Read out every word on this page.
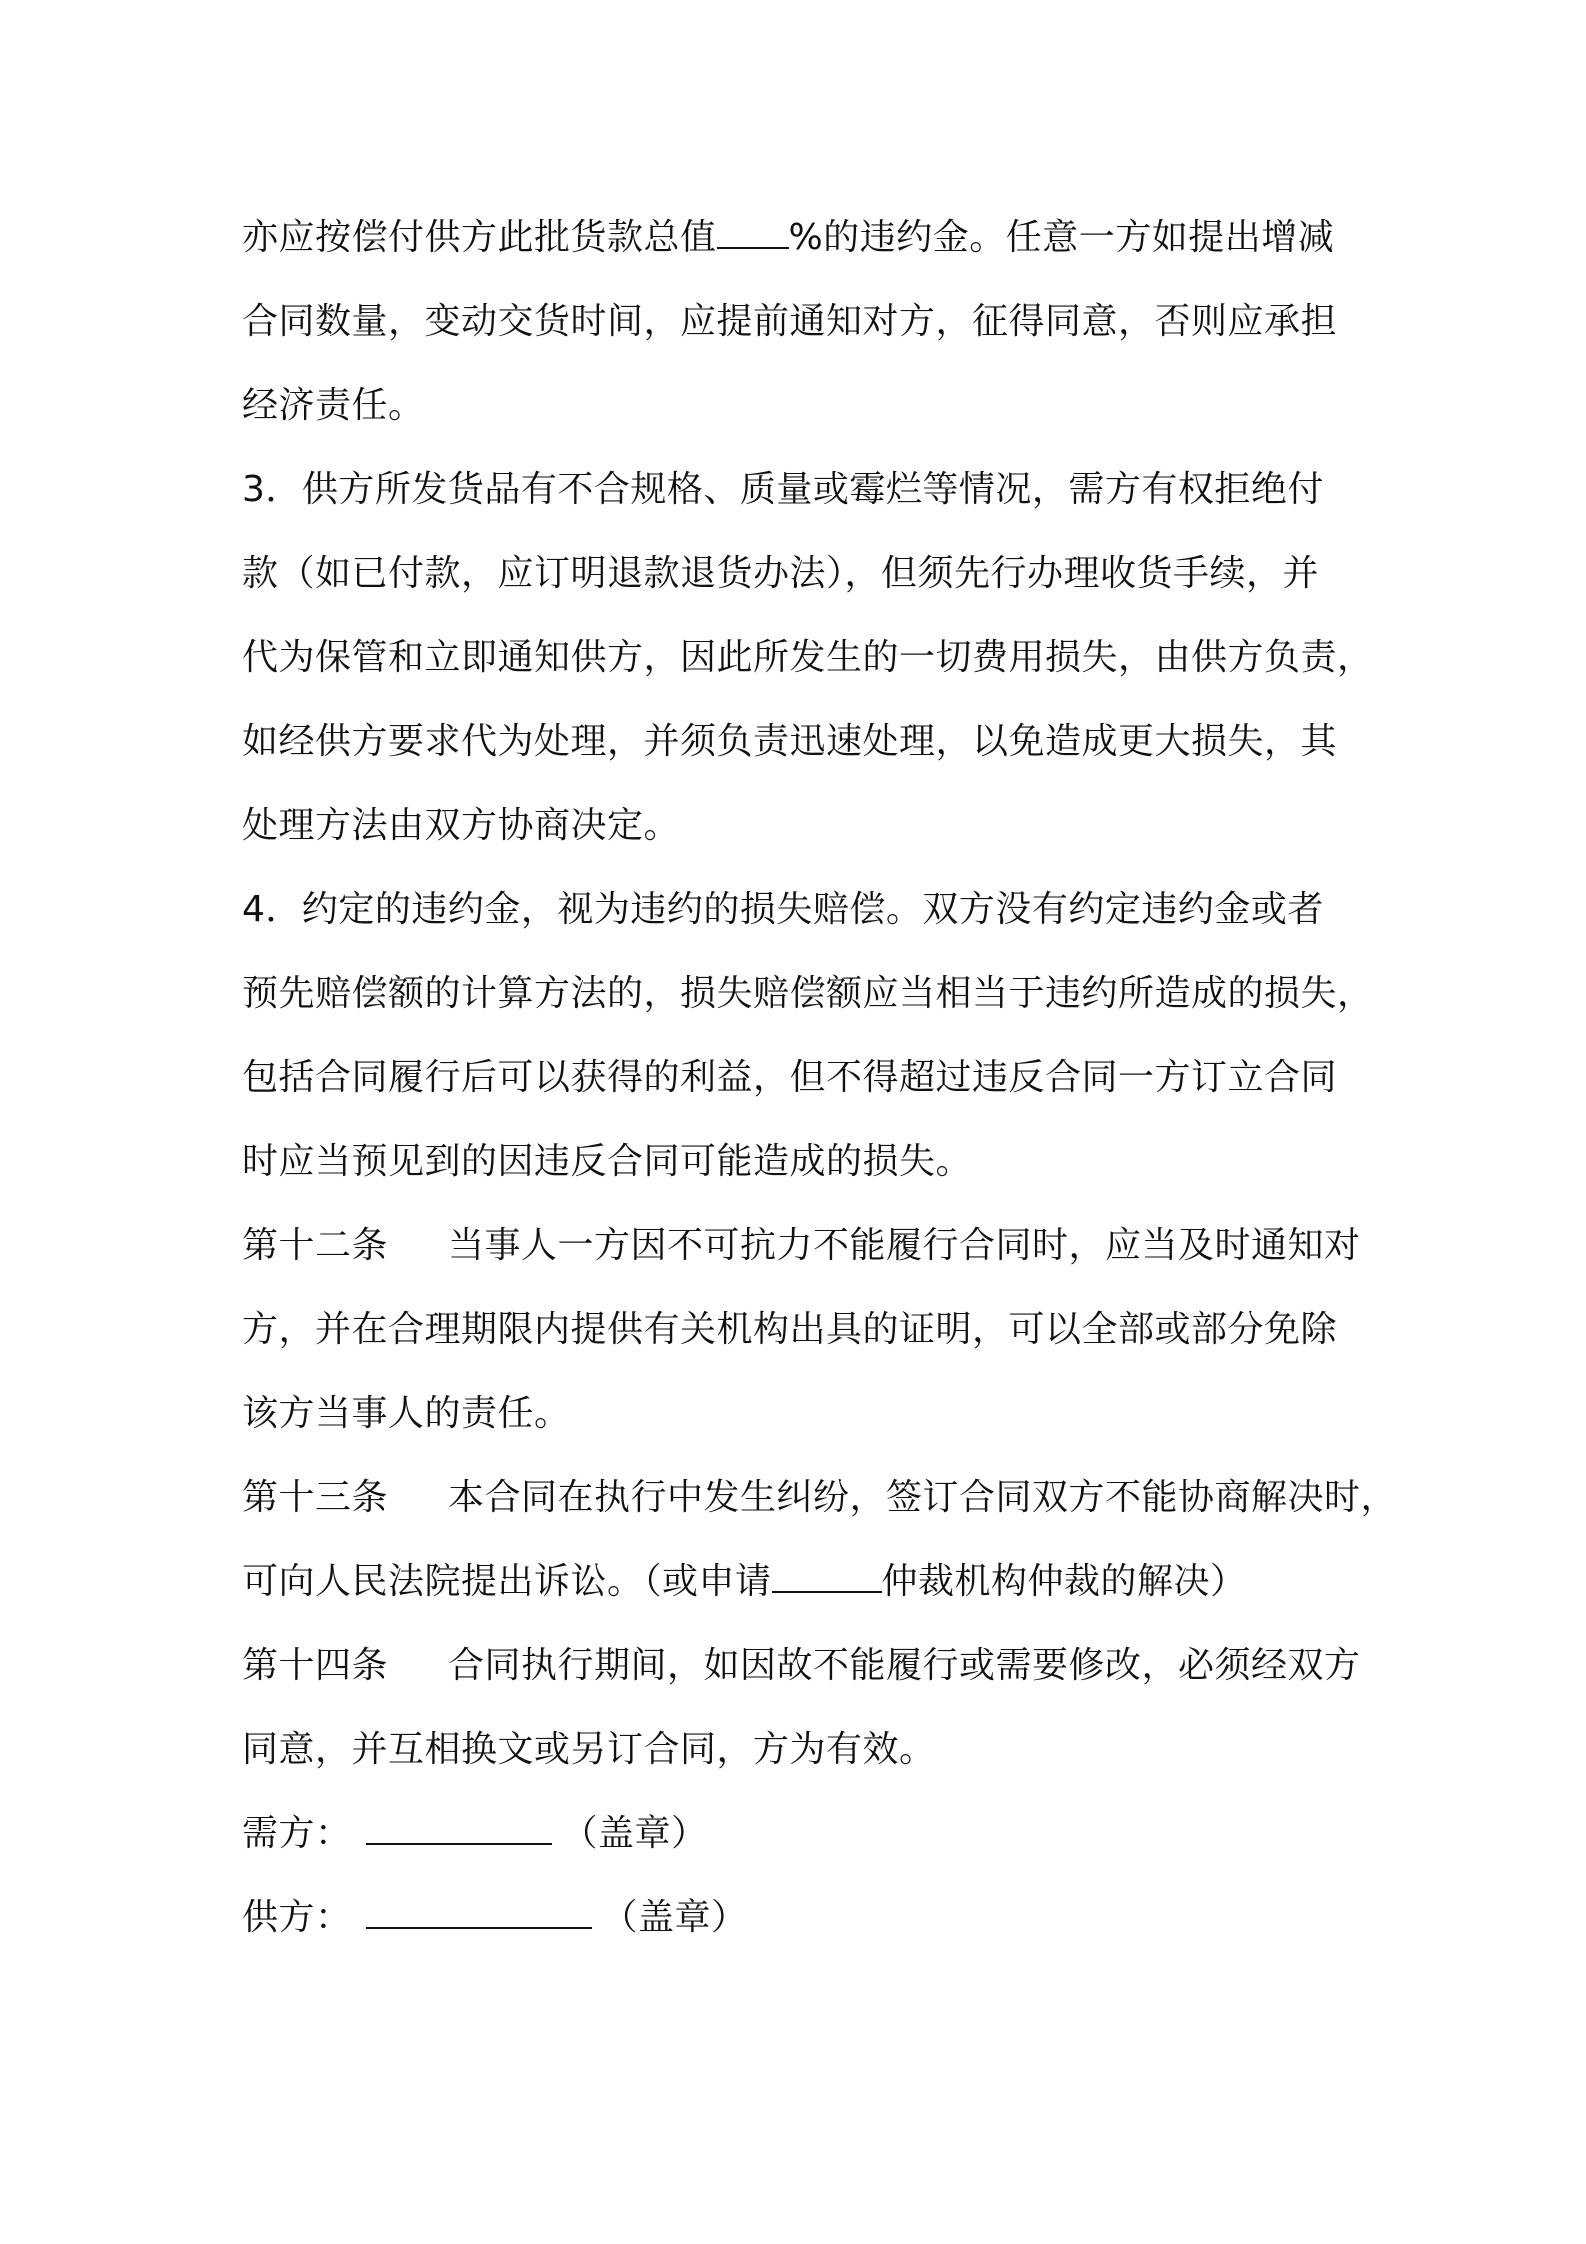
亦应按偿付供方此批货款总值 %的违约金。任意一方如提出增减
合同数量，变动交货时间，应提前通知对方，征得同意，否则应承担
经济责任。
3．供方所发货品有不合规格、质量或霉烂等情况，需方有权拒绝付
款（如已付款，应订明退款退货办法），但须先行办理收货手续，并
代为保管和立即通知供方，因此所发生的一切费用损失，由供方负责，
如经供方要求代为处理，并须负责迅速处理，以免造成更大损失，其
处理方法由双方协商决定。
4．约定的违约金，视为违约的损失赔偿。双方没有约定违约金或者
预先赔偿额的计算方法的，损失赔偿额应当相当于违约所造成的损失，
包括合同履行后可以获得的利益，但不得超过违反合同一方订立合同
时应当预见到的因违反合同可能造成的损失。
第十二条 当事人一方因不可抗力不能履行合同时，应当及时通知对
方，并在合理期限内提供有关机构出具的证明，可以全部或部分免除
该方当事人的责任。
第十三条 本合同在执行中发生纠纷，签订合同双方不能协商解决时，
可向人民法院提出诉讼。（或申请	仲裁机构仲裁的解决）
第十四条 合同执行期间，如因故不能履行或需要修改，必须经双方
同意，并互相换文或另订合同，方为有效。
需方：	（盖章）
供方：	（盖章）
